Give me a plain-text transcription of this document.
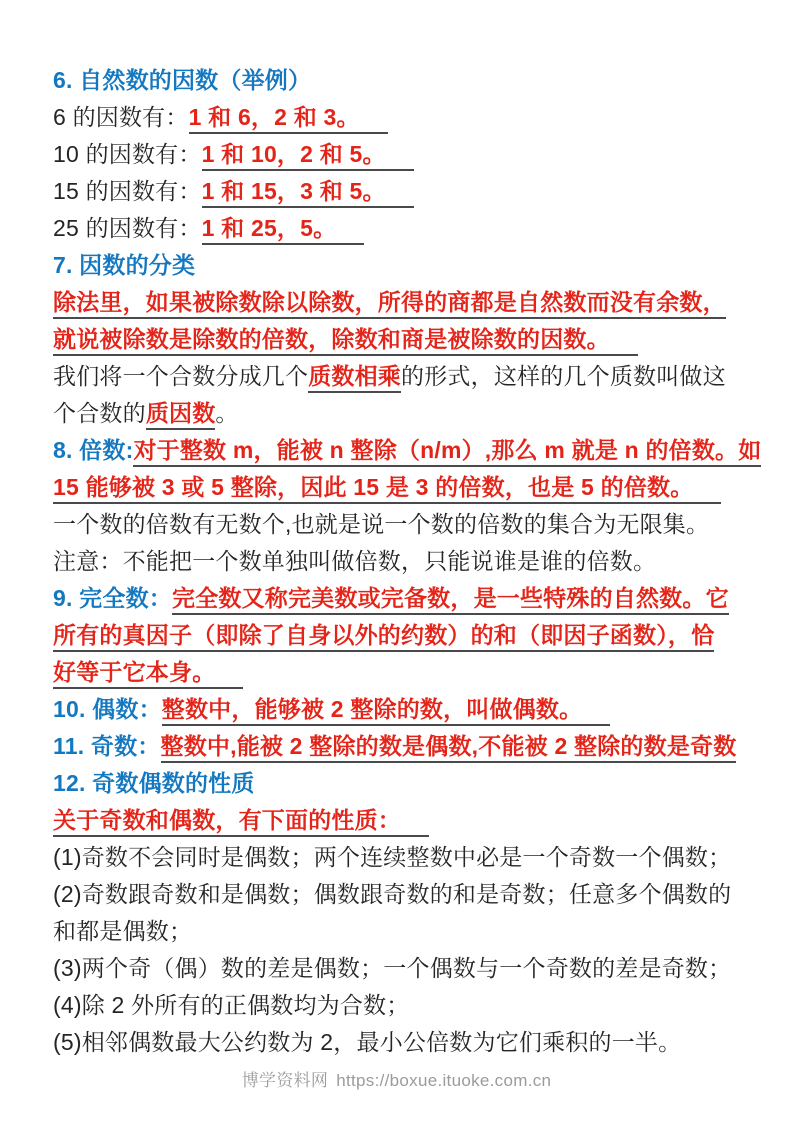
6. 自然数的因数（举例）
6 的因数有：1 和 6，2 和 3。
10 的因数有：1 和 10，2 和 5。
15 的因数有：1 和 15，3 和 5。
25 的因数有：1 和 25，5。
7. 因数的分类
除法里，如果被除数除以除数，所得的商都是自然数而没有余数，
就说被除数是除数的倍数，除数和商是被除数的因数。
我们将一个合数分成几个质数相乘的形式，这样的几个质数叫做这
个合数的质因数。
8. 倍数:对于整数 m，能被 n 整除（n/m）,那么 m 就是 n 的倍数。如
15 能够被 3 或 5 整除，因此 15 是 3 的倍数，也是 5 的倍数。
一个数的倍数有无数个,也就是说一个数的倍数的集合为无限集。
注意：不能把一个数单独叫做倍数，只能说谁是谁的倍数。
9. 完全数：完全数又称完美数或完备数，是一些特殊的自然数。它
所有的真因子（即除了自身以外的约数）的和（即因子函数），恰
好等于它本身。
10. 偶数：整数中，能够被 2 整除的数，叫做偶数。
11. 奇数：整数中,能被 2 整除的数是偶数,不能被 2 整除的数是奇数
12. 奇数偶数的性质
关于奇数和偶数，有下面的性质：
(1)奇数不会同时是偶数；两个连续整数中必是一个奇数一个偶数；
(2)奇数跟奇数和是偶数；偶数跟奇数的和是奇数；任意多个偶数的
和都是偶数；
(3)两个奇（偶）数的差是偶数；一个偶数与一个奇数的差是奇数；
(4)除 2 外所有的正偶数均为合数；
(5)相邻偶数最大公约数为 2，最小公倍数为它们乘积的一半。
博学资料网 https://boxue.ituoke.com.cn
